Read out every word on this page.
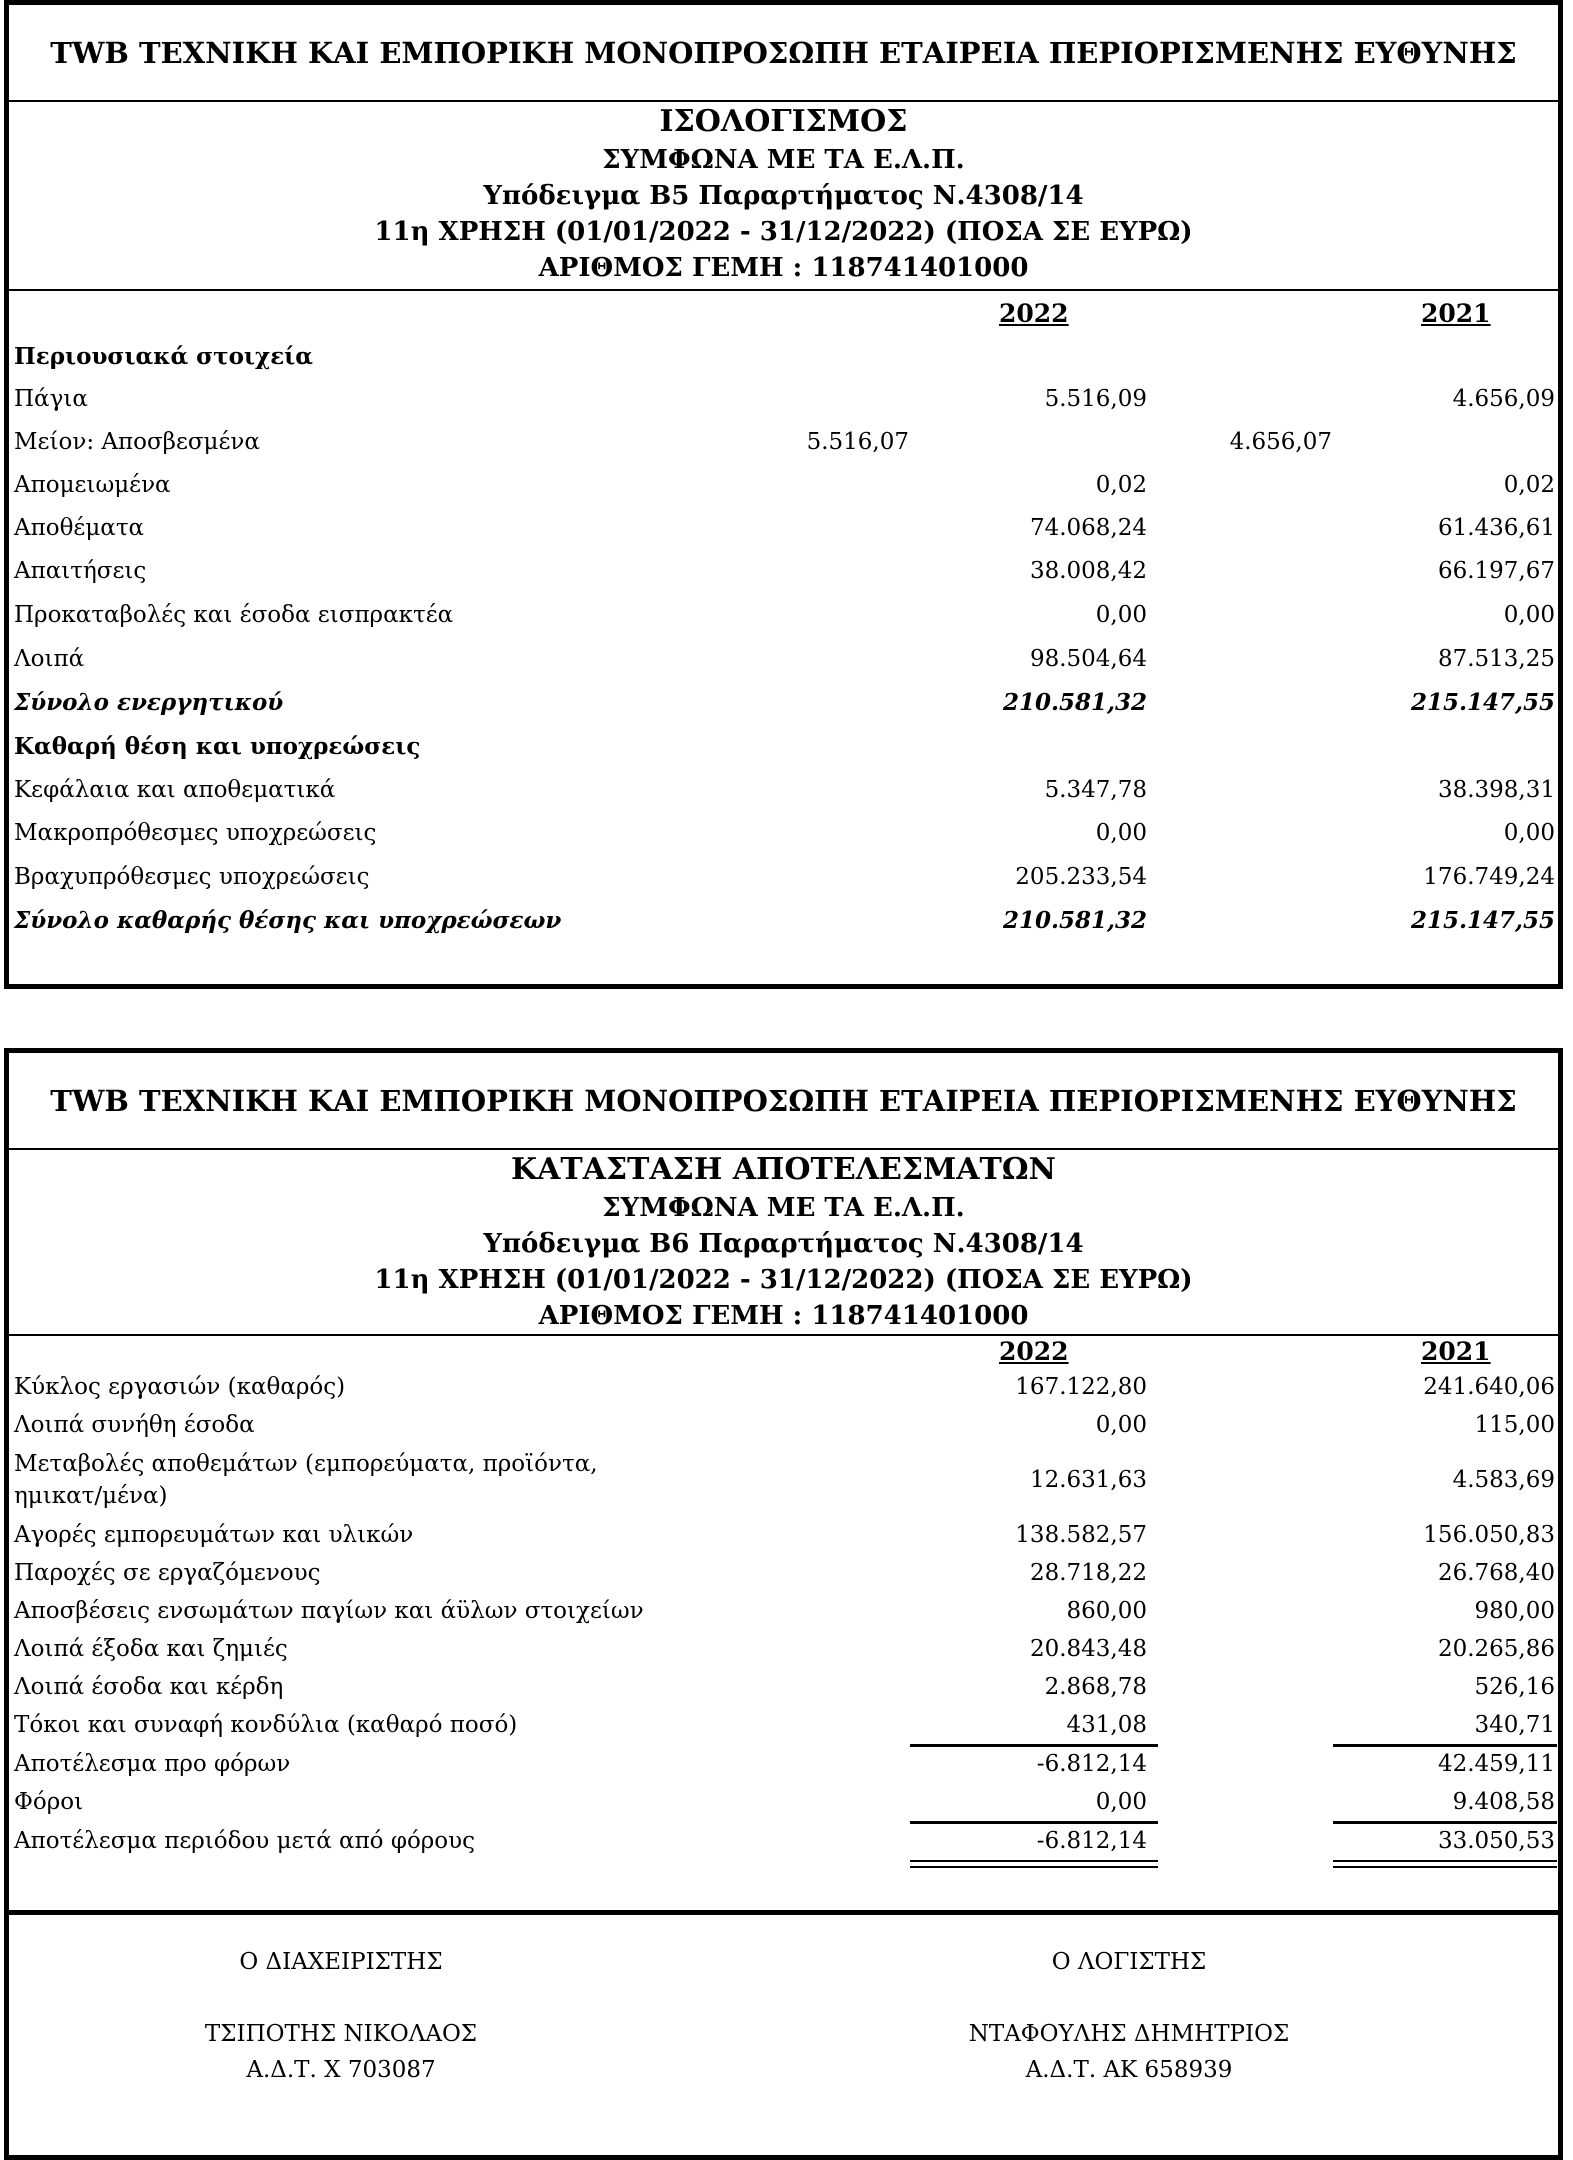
TWB ΤΕΧΝΙΚΗ ΚΑΙ ΕΜΠΟΡΙΚΗ ΜΟΝΟΠΡΟΣΩΠΗ ΕΤΑΙΡΕΙΑ ΠΕΡΙΟΡΙΣΜΕΝΗΣ ΕΥΘΥΝΗΣ
ΙΣΟΛΟΓΙΣΜΟΣ
ΣΥΜΦΩΝΑ ΜΕ ΤΑ Ε.Λ.Π.
Υπόδειγμα Β5 Παραρτήματος Ν.4308/14
11η ΧΡΗΣΗ (01/01/2022 - 31/12/2022) (ΠΟΣΑ ΣΕ ΕΥΡΩ)
ΑΡΙΘΜΟΣ ΓΕΜΗ : 118741401000
2022	2021
Περιουσιακά στοιχεία
Πάγια	5.516,09	4.656,09
Μείον: Αποσβεσμένα	5.516,07	4.656,07
Απομειωμένα	0,02	0,02
Αποθέματα	74.068,24	61.436,61
Απαιτήσεις	38.008,42	66.197,67
Προκαταβολές και έσοδα εισπρακτέα	0,00	0,00
Λοιπά	98.504,64	87.513,25
Σύνολο ενεργητικού	210.581,32	215.147,55
Καθαρή θέση και υποχρεώσεις
Κεφάλαια και αποθεματικά	5.347,78	38.398,31
Μακροπρόθεσμες υποχρεώσεις	0,00	0,00
Βραχυπρόθεσμες υποχρεώσεις	205.233,54	176.749,24
Σύνολο καθαρής θέσης και υποχρεώσεων	210.581,32	215.147,55
TWB ΤΕΧΝΙΚΗ ΚΑΙ ΕΜΠΟΡΙΚΗ ΜΟΝΟΠΡΟΣΩΠΗ ΕΤΑΙΡΕΙΑ ΠΕΡΙΟΡΙΣΜΕΝΗΣ ΕΥΘΥΝΗΣ
ΚΑΤΑΣΤΑΣΗ ΑΠΟΤΕΛΕΣΜΑΤΩΝ
ΣΥΜΦΩΝΑ ΜΕ ΤΑ Ε.Λ.Π.
Υπόδειγμα Β6 Παραρτήματος Ν.4308/14
11η ΧΡΗΣΗ (01/01/2022 - 31/12/2022) (ΠΟΣΑ ΣΕ ΕΥΡΩ)
ΑΡΙΘΜΟΣ ΓΕΜΗ : 118741401000
2022	2021
Κύκλος εργασιών (καθαρός)	167.122,80	241.640,06
Λοιπά συνήθη έσοδα	0,00	115,00
Μεταβολές αποθεμάτων (εμπορεύματα, προϊόντα,
ημικατ/μένα)
12.631,63	4.583,69
Αγορές εμπορευμάτων και υλικών	138.582,57	156.050,83
Παροχές σε εργαζόμενους	28.718,22	26.768,40
Αποσβέσεις ενσωμάτων παγίων και άϋλων στοιχείων	860,00	980,00
Λοιπά έξοδα και ζημιές	20.843,48	20.265,86
Λοιπά έσοδα και κέρδη	2.868,78	526,16
Τόκοι και συναφή κονδύλια (καθαρό ποσό)	431,08	340,71
Αποτέλεσμα προ φόρων	-6.812,14	42.459,11
Φόροι	0,00	9.408,58
Αποτέλεσμα περιόδου μετά από φόρους	-6.812,14	33.050,53
Ο ΔΙΑΧΕΙΡΙΣΤΗΣ
ΤΣΙΠΟΤΗΣ ΝΙΚΟΛΑΟΣ
Α.Δ.Τ. Χ 703087
Ο ΛΟΓΙΣΤΗΣ
ΝΤΑΦΟΥΛΗΣ ΔΗΜΗΤΡΙΟΣ
Α.Δ.Τ. ΑΚ 658939
